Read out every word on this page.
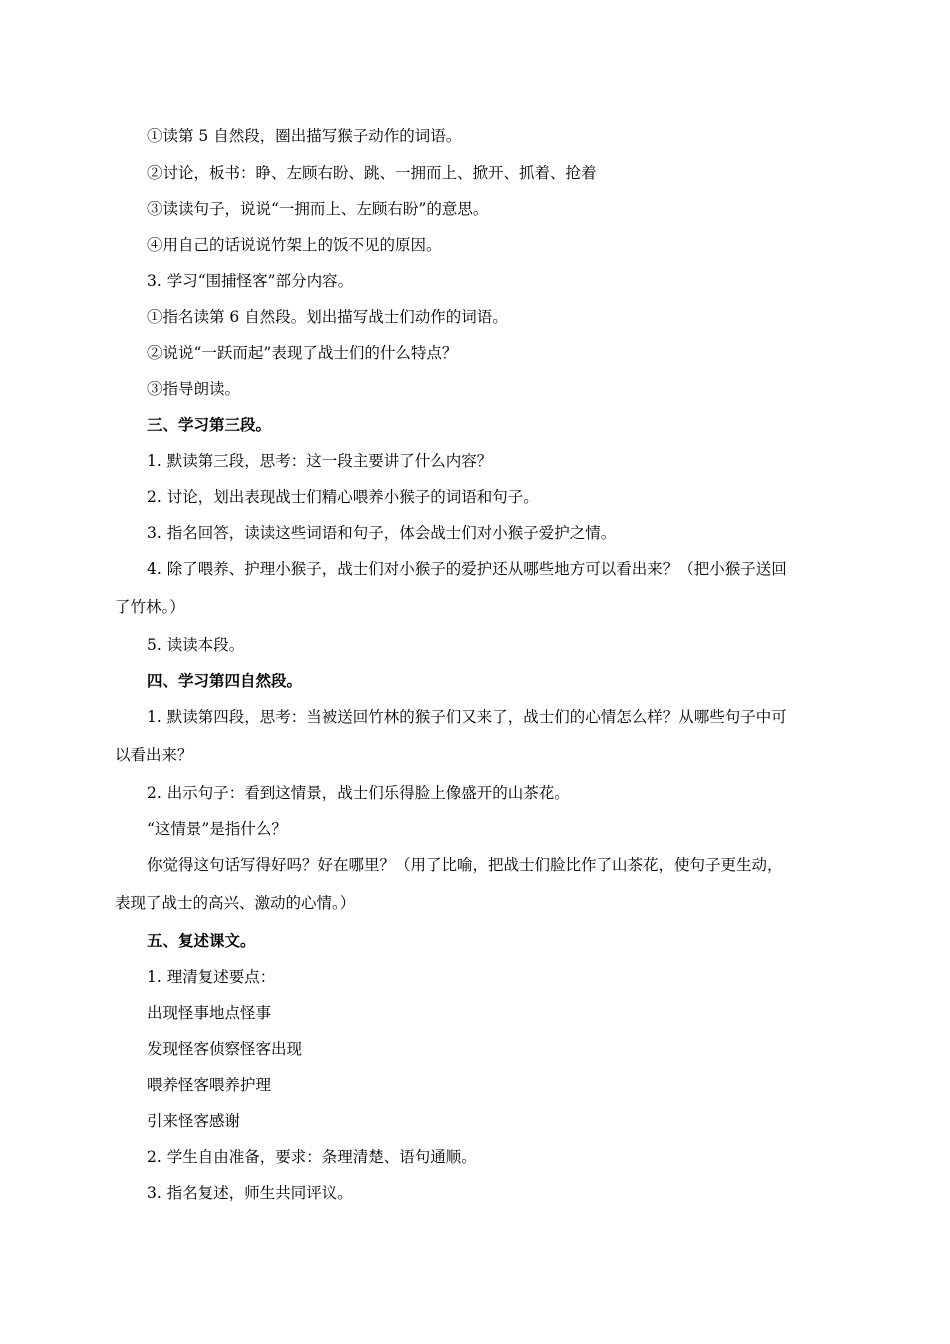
①读第 5 自然段，圈出描写猴子动作的词语。
②讨论，板书：睁、左顾右盼、跳、一拥而上、掀开、抓着、抢着
③读读句子，说说“一拥而上、左顾右盼”的意思。
④用自己的话说说竹架上的饭不见的原因。
3. 学习“围捕怪客”部分内容。
①指名读第 6 自然段。划出描写战士们动作的词语。
②说说“一跃而起”表现了战士们的什么特点？
③指导朗读。
三、学习第三段。
1. 默读第三段，思考：这一段主要讲了什么内容？
2. 讨论，划出表现战士们精心喂养小猴子的词语和句子。
3. 指名回答，读读这些词语和句子，体会战士们对小猴子爱护之情。
4. 除了喂养、护理小猴子，战士们对小猴子的爱护还从哪些地方可以看出来？（把小猴子送回
了竹林。）
5. 读读本段。
四、学习第四自然段。
1. 默读第四段，思考：当被送回竹林的猴子们又来了，战士们的心情怎么样？从哪些句子中可
以看出来？
2. 出示句子：看到这情景，战士们乐得脸上像盛开的山茶花。
“这情景”是指什么？
你觉得这句话写得好吗？好在哪里？（用了比喻，把战士们脸比作了山茶花，使句子更生动，
表现了战士的高兴、激动的心情。）
五、复述课文。
1. 理清复述要点：
出现怪事地点怪事
发现怪客侦察怪客出现
喂养怪客喂养护理
引来怪客感谢
2. 学生自由准备，要求：条理清楚、语句通顺。
3. 指名复述，师生共同评议。
